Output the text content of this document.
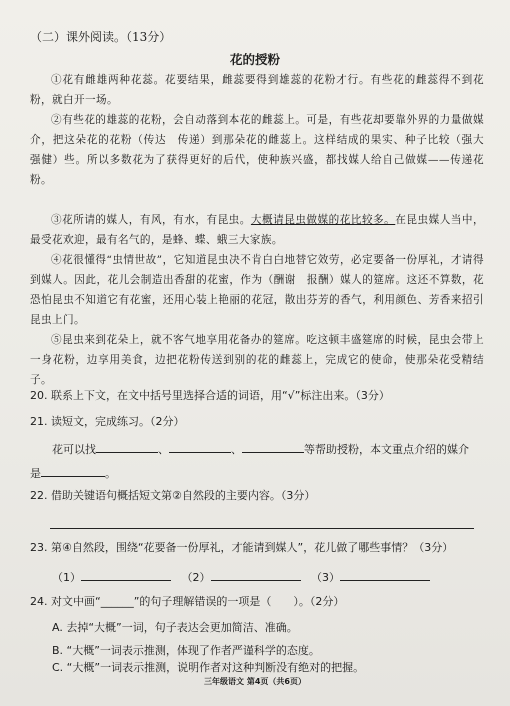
（二）课外阅读。（13分）
花的授粉
①花有雌雄两种花蕊。花要结果，雌蕊要得到雄蕊的花粉才行。有些花的雌蕊得不到花粉，就白开一场。
②有些花的雄蕊的花粉，会自动落到本花的雌蕊上。可是，有些花却要靠外界的力量做媒介，把这朵花的花粉（传达　传递）到那朵花的雌蕊上。这样结成的果实、种子比较（强大　强健）些。所以多数花为了获得更好的后代，使种族兴盛，都找媒人给自己做媒——传递花粉。
③花所请的媒人，有风，有水，有昆虫。大概请昆虫做媒的花比较多。在昆虫媒人当中，最受花欢迎，最有名气的，是蜂、蝶、蛾三大家族。
④花很懂得“虫情世故”，它知道昆虫决不肯白白地替它效劳，必定要备一份厚礼，才请得到媒人。因此，花儿会制造出香甜的花蜜，作为（酬谢　报酬）媒人的筵席。这还不算数，花恐怕昆虫不知道它有花蜜，还用心装上艳丽的花冠，散出芬芳的香气，利用颜色、芳香来招引昆虫上门。
⑤昆虫来到花朵上，就不客气地享用花备办的筵席。吃这顿丰盛筵席的时候，昆虫会带上一身花粉，边享用美食，边把花粉传送到别的花的雌蕊上，完成它的使命，使那朵花受精结子。
20. 联系上下文，在文中括号里选择合适的词语，用“√”标注出来。（3分）
21. 读短文，完成练习。（2分）
花可以找	、	、	等帮助授粉，本文重点介绍的媒介
是	。
22. 借助关键语句概括短文第②自然段的主要内容。（3分）
23. 第④自然段，围绕“花要备一份厚礼，才能请到媒人”，花儿做了哪些事情？（3分）
（1）	（2）	（3）
24. 对文中画“______”的句子理解错误的一项是（　　）。（2分）
A. 去掉“大概”一词，句子表达会更加简洁、准确。
B. “大概”一词表示推测，体现了作者严谨科学的态度。
C. “大概”一词表示推测，说明作者对这种判断没有绝对的把握。
三年级语文 第4页（共6页）
